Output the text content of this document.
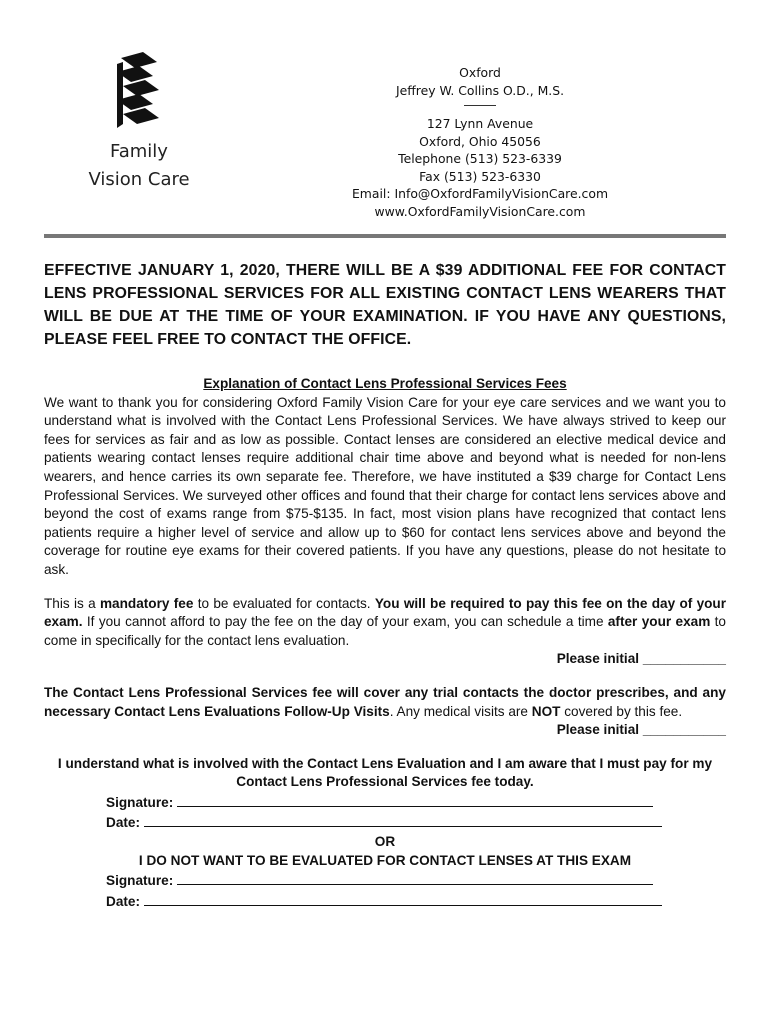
Family
Vision Care
Oxford
Jeffrey W. Collins O.D., M.S.
127 Lynn Avenue
Oxford, Ohio 45056
Telephone (513) 523-6339
Fax (513) 523-6330
Email: Info@OxfordFamilyVisionCare.com
www.OxfordFamilyVisionCare.com
EFFECTIVE JANUARY 1, 2020, THERE WILL BE A $39 ADDITIONAL FEE FOR CONTACT LENS PROFESSIONAL SERVICES FOR ALL EXISTING CONTACT LENS WEARERS THAT WILL BE DUE AT THE TIME OF YOUR EXAMINATION. IF YOU HAVE ANY QUESTIONS, PLEASE FEEL FREE TO CONTACT THE OFFICE.
Explanation of Contact Lens Professional Services Fees

We want to thank you for considering Oxford Family Vision Care for your eye care services and we want you to understand what is involved with the Contact Lens Professional Services. We have always strived to keep our fees for services as fair and as low as possible. Contact lenses are considered an elective medical device and patients wearing contact lenses require additional chair time above and beyond what is needed for non-lens wearers, and hence carries its own separate fee. Therefore, we have instituted a $39 charge for Contact Lens Professional Services. We surveyed other offices and found that their charge for contact lens services above and beyond the cost of exams range from $75-$135. In fact, most vision plans have recognized that contact lens patients require a higher level of service and allow up to $60 for contact lens services above and beyond the coverage for routine eye exams for their covered patients. If you have any questions, please do not hesitate to ask.

This is a mandatory fee to be evaluated for contacts. You will be required to pay this fee on the day of your exam. If you cannot afford to pay the fee on the day of your exam, you can schedule a time after your exam to come in specifically for the contact lens evaluation.

Please initial ___________

The Contact Lens Professional Services fee will cover any trial contacts the doctor prescribes, and any necessary Contact Lens Evaluations Follow-Up Visits. Any medical visits are NOT covered by this fee.

Please initial ___________
I understand what is involved with the Contact Lens Evaluation and I am aware that I must pay for my Contact Lens Professional Services fee today.
Signature:
Date:
OR
I DO NOT WANT TO BE EVALUATED FOR CONTACT LENSES AT THIS EXAM
Signature:
Date:
